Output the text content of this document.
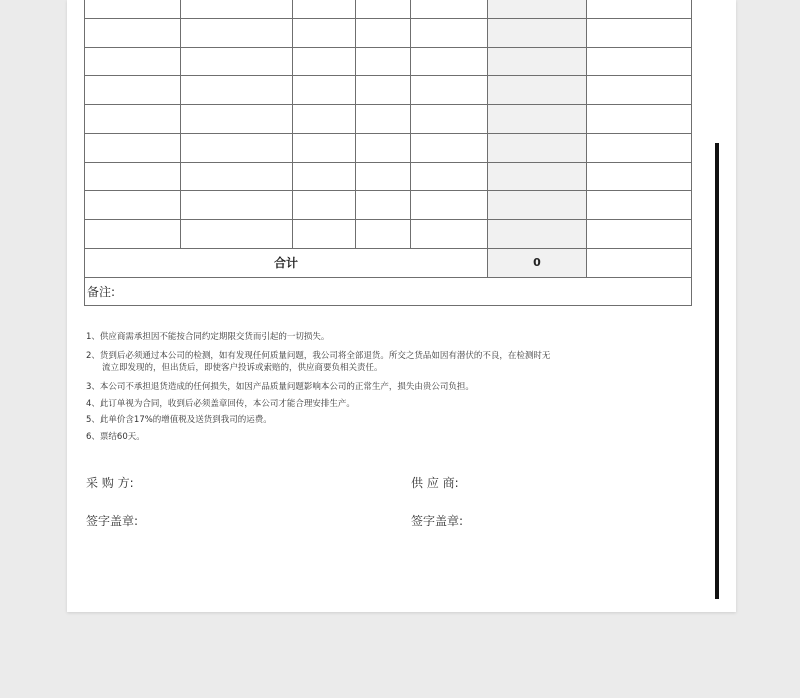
合计					0	
备注:						
1、供应商需承担因不能按合同约定期限交货而引起的一切损失。
2、货到后必须通过本公司的检测，如有发现任何质量问题，我公司将全部退货。所交之货品如因有潜伏的不良，在检测时无
流立即发现的，但出货后，即使客户投诉或索赔的，供应商要负相关责任。
3、本公司不承担退货造成的任何损失，如因产品质量问题影响本公司的正常生产，损失由贵公司负担。
4、此订单视为合同，收到后必须盖章回传，本公司才能合理安排生产。
5、此单价含17%的增值税及送货到我司的运费。
6、票结60天。
采 购 方:	供 应 商:
签字盖章:	签字盖章:
